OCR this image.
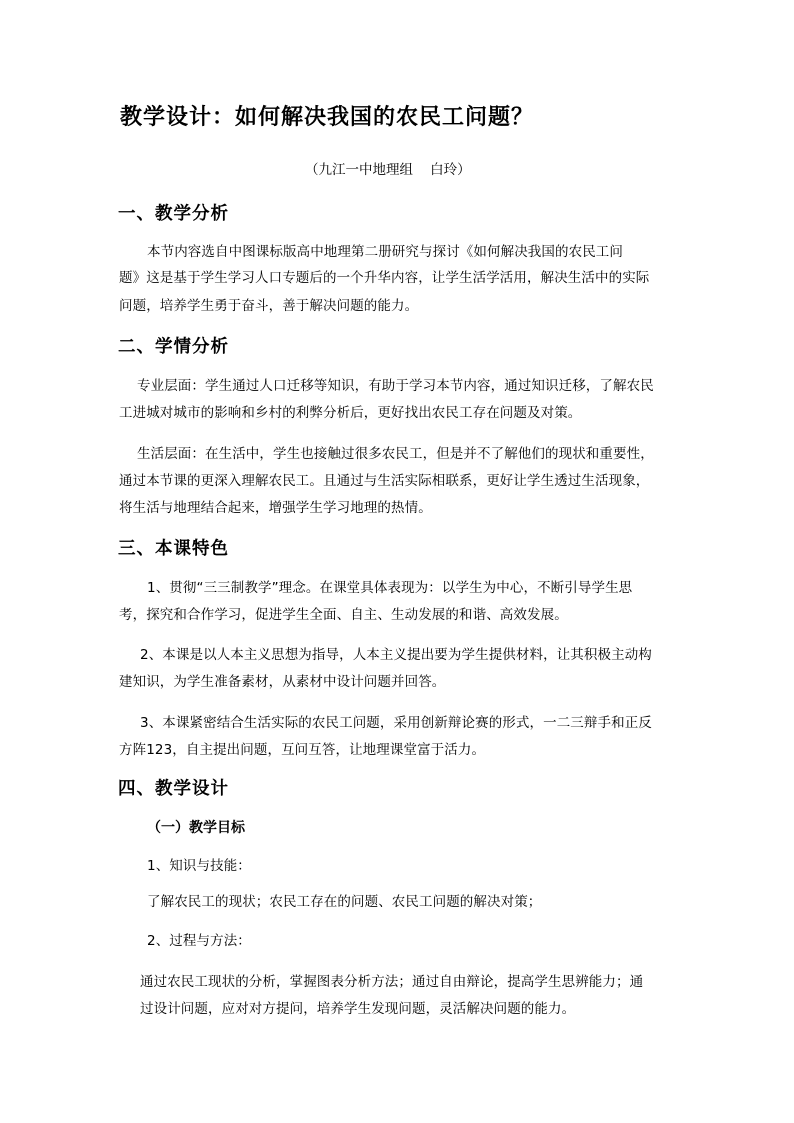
教学设计：如何解决我国的农民工问题？
（九江一中地理组    白玲）
一、教学分析
本节内容选自中图课标版高中地理第二册研究与探讨《如何解决我国的农民工问
题》这是基于学生学习人口专题后的一个升华内容，让学生活学活用，解决生活中的实际
问题，培养学生勇于奋斗，善于解决问题的能力。
二、学情分析
专业层面：学生通过人口迁移等知识，有助于学习本节内容，通过知识迁移，了解农民
工进城对城市的影响和乡村的利弊分析后，更好找出农民工存在问题及对策。
生活层面：在生活中，学生也接触过很多农民工，但是并不了解他们的现状和重要性，
通过本节课的更深入理解农民工。且通过与生活实际相联系，更好让学生透过生活现象，
将生活与地理结合起来，增强学生学习地理的热情。
三、本课特色
1、贯彻“三三制教学”理念。在课堂具体表现为：以学生为中心，不断引导学生思
考，探究和合作学习，促进学生全面、自主、生动发展的和谐、高效发展。
2、本课是以人本主义思想为指导，人本主义提出要为学生提供材料，让其积极主动构
建知识，为学生准备素材，从素材中设计问题并回答。
3、本课紧密结合生活实际的农民工问题，采用创新辩论赛的形式，一二三辩手和正反
方阵123，自主提出问题，互问互答，让地理课堂富于活力。
四、教学设计
（一）教学目标
1、知识与技能：
了解农民工的现状；农民工存在的问题、农民工问题的解决对策；
2、过程与方法：
通过农民工现状的分析，掌握图表分析方法；通过自由辩论，提高学生思辨能力；通
过设计问题，应对对方提问，培养学生发现问题，灵活解决问题的能力。
